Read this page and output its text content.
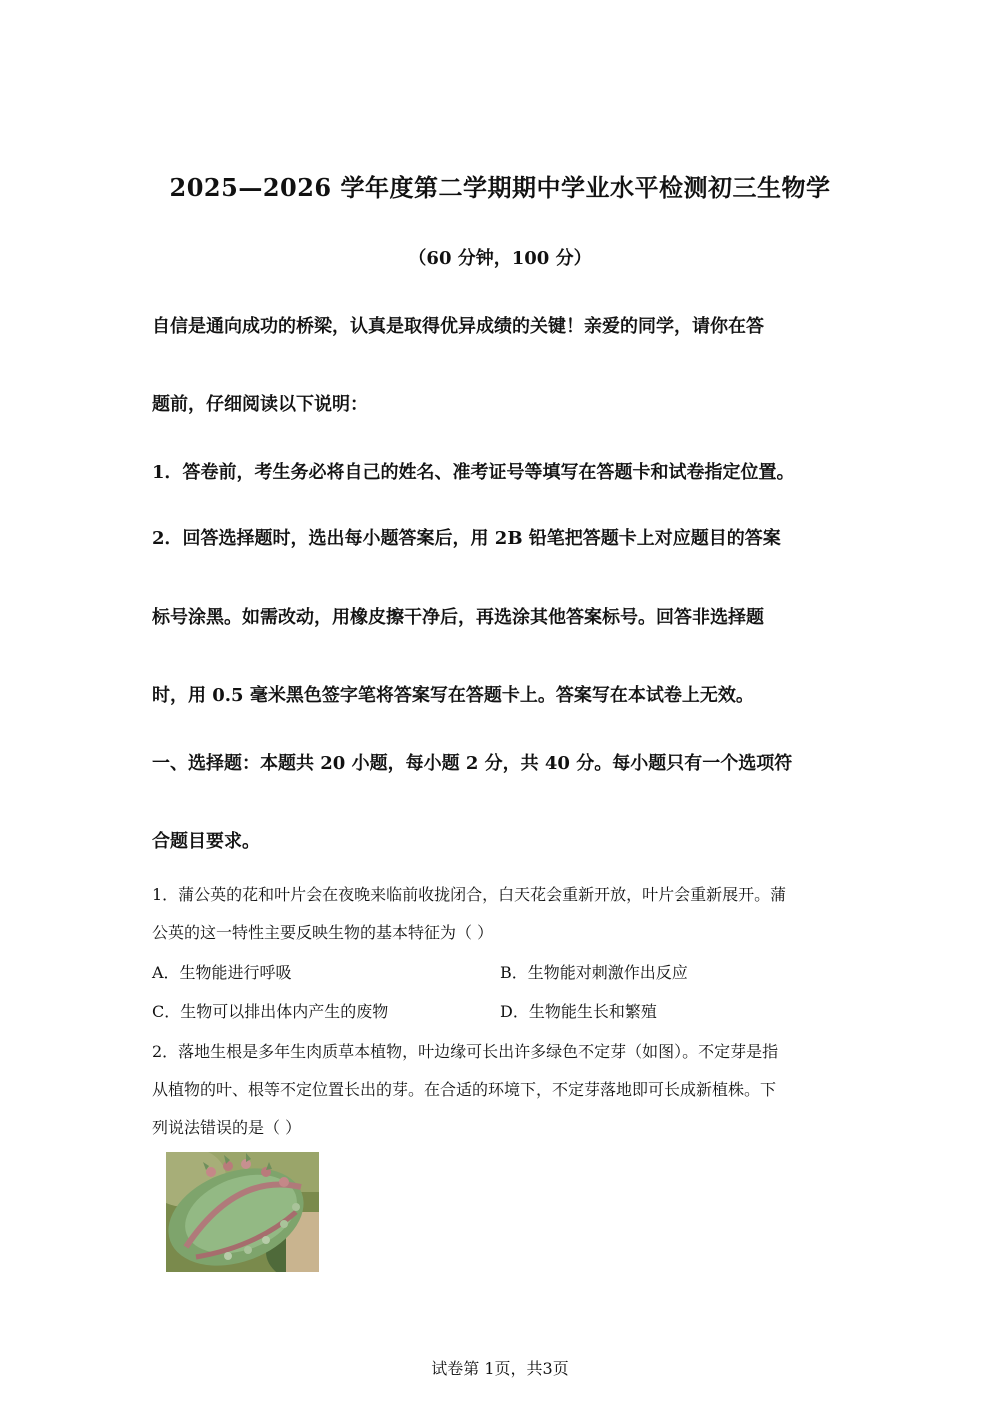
2025—2026 学年度第二学期期中学业水平检测初三生物学
（60 分钟，100 分）
自信是通向成功的桥梁，认真是取得优异成绩的关键！亲爱的同学，请你在答
题前，仔细阅读以下说明：
1．答卷前，考生务必将自己的姓名、准考证号等填写在答题卡和试卷指定位置。
2．回答选择题时，选出每小题答案后，用 2B 铅笔把答题卡上对应题目的答案
标号涂黑。如需改动，用橡皮擦干净后，再选涂其他答案标号。回答非选择题
时，用 0.5 毫米黑色签字笔将答案写在答题卡上。答案写在本试卷上无效。
一、选择题：本题共 20 小题，每小题 2 分，共 40 分。每小题只有一个选项符
合题目要求。
1．蒲公英的花和叶片会在夜晚来临前收拢闭合，白天花会重新开放，叶片会重新展开。蒲
公英的这一特性主要反映生物的基本特征为（ ）
A．生物能进行呼吸	B．生物能对刺激作出反应
C．生物可以排出体内产生的废物	D．生物能生长和繁殖
2．落地生根是多年生肉质草本植物，叶边缘可长出许多绿色不定芽（如图）。不定芽是指
从植物的叶、根等不定位置长出的芽。在合适的环境下，不定芽落地即可长成新植株。下
列说法错误的是（ ）
试卷第 1页，共3页
